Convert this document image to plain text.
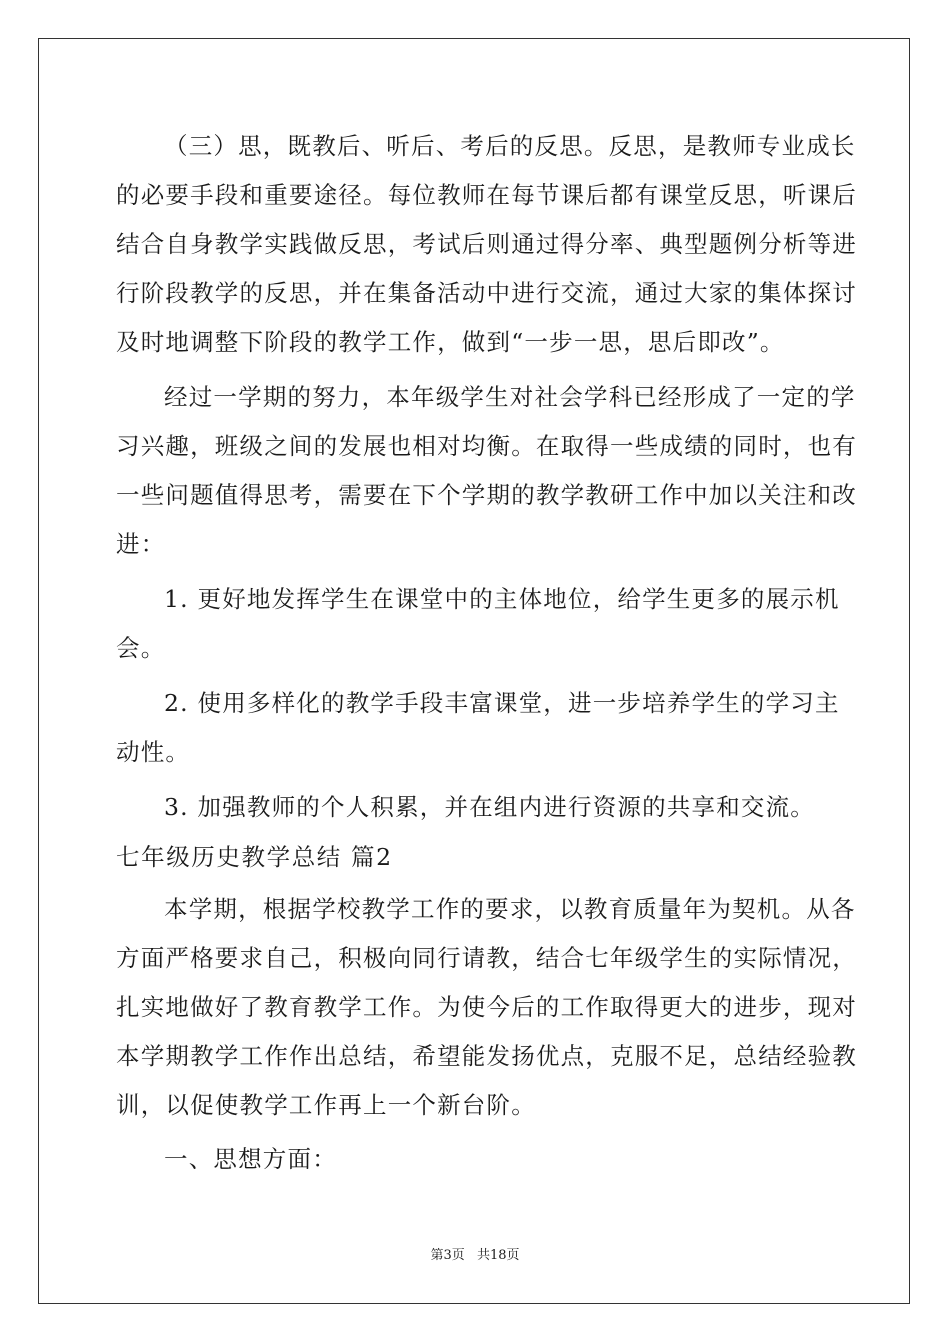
（三）思，既教后、听后、考后的反思。反思，是教师专业成长
的必要手段和重要途径。每位教师在每节课后都有课堂反思，听课后
结合自身教学实践做反思，考试后则通过得分率、典型题例分析等进
行阶段教学的反思，并在集备活动中进行交流，通过大家的集体探讨
及时地调整下阶段的教学工作，做到“一步一思，思后即改”。
经过一学期的努力，本年级学生对社会学科已经形成了一定的学
习兴趣，班级之间的发展也相对均衡。在取得一些成绩的同时，也有
一些问题值得思考，需要在下个学期的教学教研工作中加以关注和改
进：
1. 更好地发挥学生在课堂中的主体地位，给学生更多的展示机
会。
2. 使用多样化的教学手段丰富课堂，进一步培养学生的学习主
动性。
3. 加强教师的个人积累，并在组内进行资源的共享和交流。
七年级历史教学总结 篇2
本学期，根据学校教学工作的要求，以教育质量年为契机。从各
方面严格要求自己，积极向同行请教，结合七年级学生的实际情况，
扎实地做好了教育教学工作。为使今后的工作取得更大的进步，现对
本学期教学工作作出总结，希望能发扬优点，克服不足，总结经验教
训，以促使教学工作再上一个新台阶。
一、思想方面：
第3页 共18页
